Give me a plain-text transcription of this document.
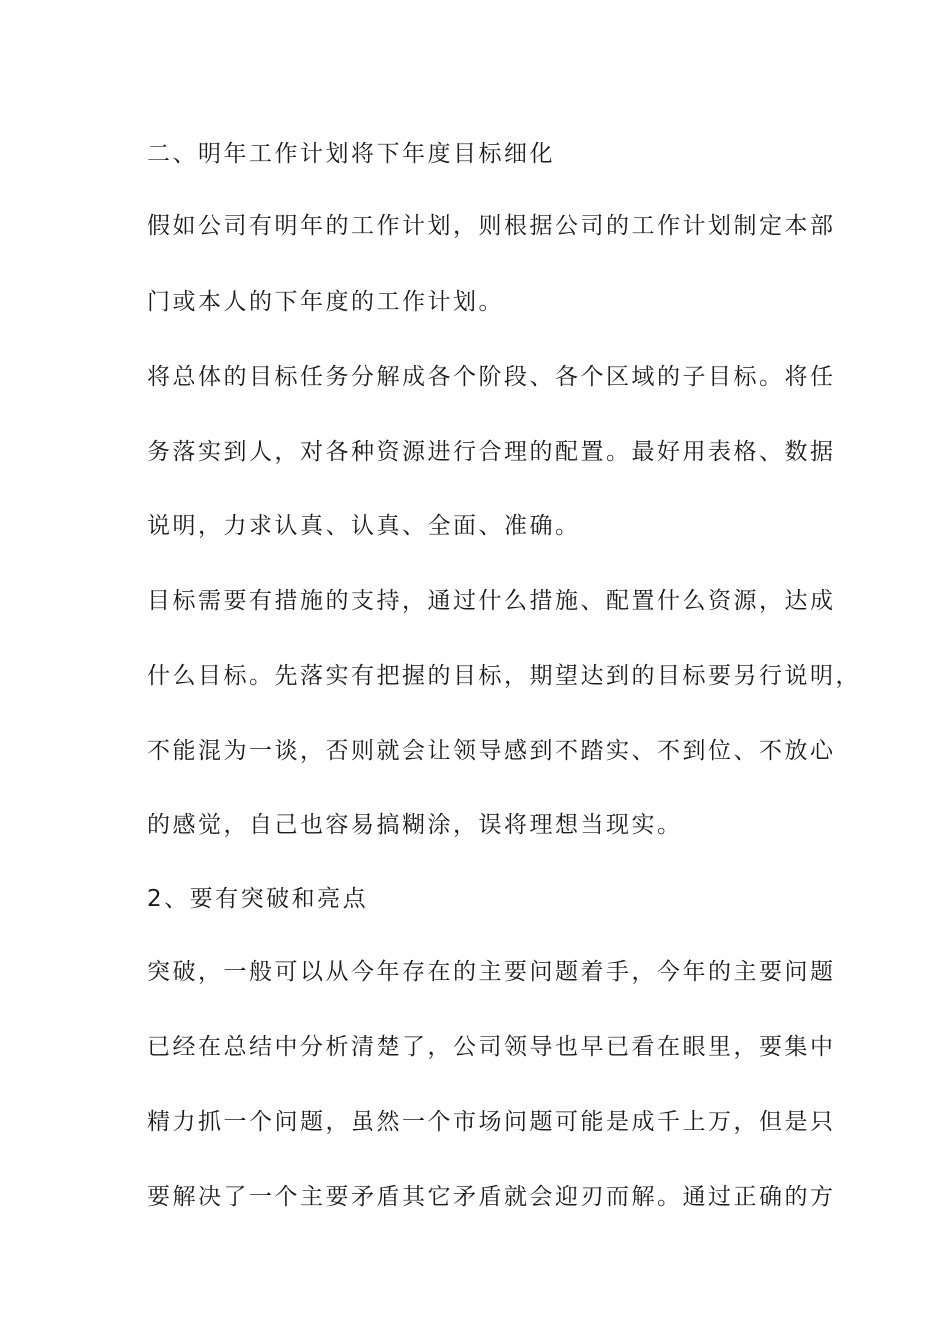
二、明年工作计划将下年度目标细化
假如公司有明年的工作计划，则根据公司的工作计划制定本部
门或本人的下年度的工作计划。
将总体的目标任务分解成各个阶段、各个区域的子目标。将任
务落实到人，对各种资源进行合理的配置。最好用表格、数据
说明，力求认真、认真、全面、准确。
目标需要有措施的支持，通过什么措施、配置什么资源，达成
什么目标。先落实有把握的目标，期望达到的目标要另行说明，
不能混为一谈，否则就会让领导感到不踏实、不到位、不放心
的感觉，自己也容易搞糊涂，误将理想当现实。
2、要有突破和亮点
突破，一般可以从今年存在的主要问题着手，今年的主要问题
已经在总结中分析清楚了，公司领导也早已看在眼里，要集中
精力抓一个问题，虽然一个市场问题可能是成千上万，但是只
要解决了一个主要矛盾其它矛盾就会迎刃而解。通过正确的方
